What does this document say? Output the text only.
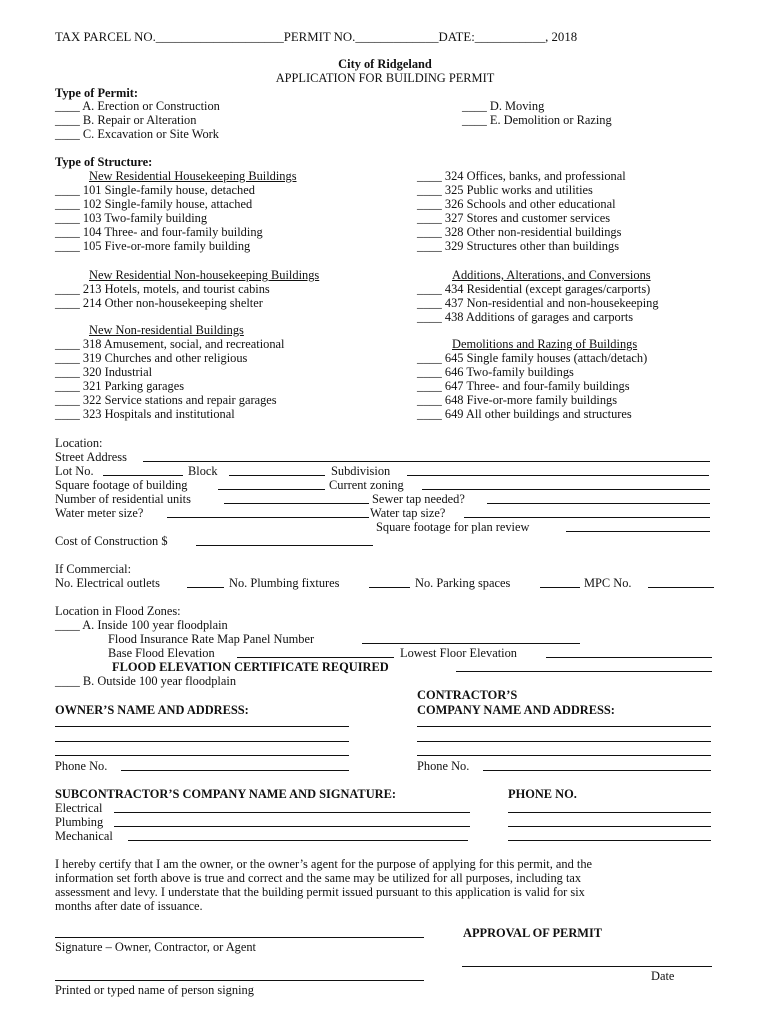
TAX PARCEL NO.____________________PERMIT NO._____________DATE:___________, 2018
City of Ridgeland
APPLICATION FOR BUILDING PERMIT
Type of Permit:
____ A. Erection or Construction
____ B. Repair or Alteration
____ C. Excavation or Site Work
____ D. Moving
____ E. Demolition or Razing
Type of Structure:
New Residential Housekeeping Buildings
____ 101 Single-family house, detached
____ 102 Single-family house, attached
____ 103 Two-family building
____ 104 Three- and four-family building
____ 105 Five-or-more family building
____ 324 Offices, banks, and professional
____ 325 Public works and utilities
____ 326 Schools and other educational
____ 327 Stores and customer services
____ 328 Other non-residential buildings
____ 329 Structures other than buildings
New Residential Non-housekeeping Buildings
____ 213 Hotels, motels, and tourist cabins
____ 214 Other non-housekeeping shelter
Additions, Alterations, and Conversions
____ 434 Residential (except garages/carports)
____ 437 Non-residential and non-housekeeping
____ 438 Additions of garages and carports
New Non-residential Buildings
____ 318 Amusement, social, and recreational
____ 319 Churches and other religious
____ 320 Industrial
____ 321 Parking garages
____ 322 Service stations and repair garages
____ 323 Hospitals and institutional
Demolitions and Razing of Buildings
____ 645 Single family houses (attach/detach)
____ 646 Two-family buildings
____ 647 Three- and four-family buildings
____ 648 Five-or-more family buildings
____ 649 All other buildings and structures
Location:
Street Address
Lot No.	Block	Subdivision
Square footage of building	Current zoning
Number of residential units	Sewer tap needed?
Water meter size?	Water tap size?
Square footage for plan review
Cost of Construction $
If Commercial:
No. Electrical outlets	No. Plumbing fixtures	No. Parking spaces	MPC No.
Location in Flood Zones:
____ A. Inside 100 year floodplain
Flood Insurance Rate Map Panel Number
Base Flood Elevation	Lowest Floor Elevation
FLOOD ELEVATION CERTIFICATE REQUIRED
____ B. Outside 100 year floodplain
CONTRACTOR’S
OWNER’S NAME AND ADDRESS:	COMPANY NAME AND ADDRESS:
Phone No.	Phone No.
SUBCONTRACTOR’S COMPANY NAME AND SIGNATURE:	PHONE NO.
Electrical
Plumbing
Mechanical
I hereby certify that I am the owner, or the owner’s agent for the purpose of applying for this permit, and the
information set forth above is true and correct and the same may be utilized for all purposes, including tax
assessment and levy. I understate that the building permit issued pursuant to this application is valid for six
months after date of issuance.
Signature – Owner, Contractor, or Agent
APPROVAL OF PERMIT
Date
Printed or typed name of person signing
